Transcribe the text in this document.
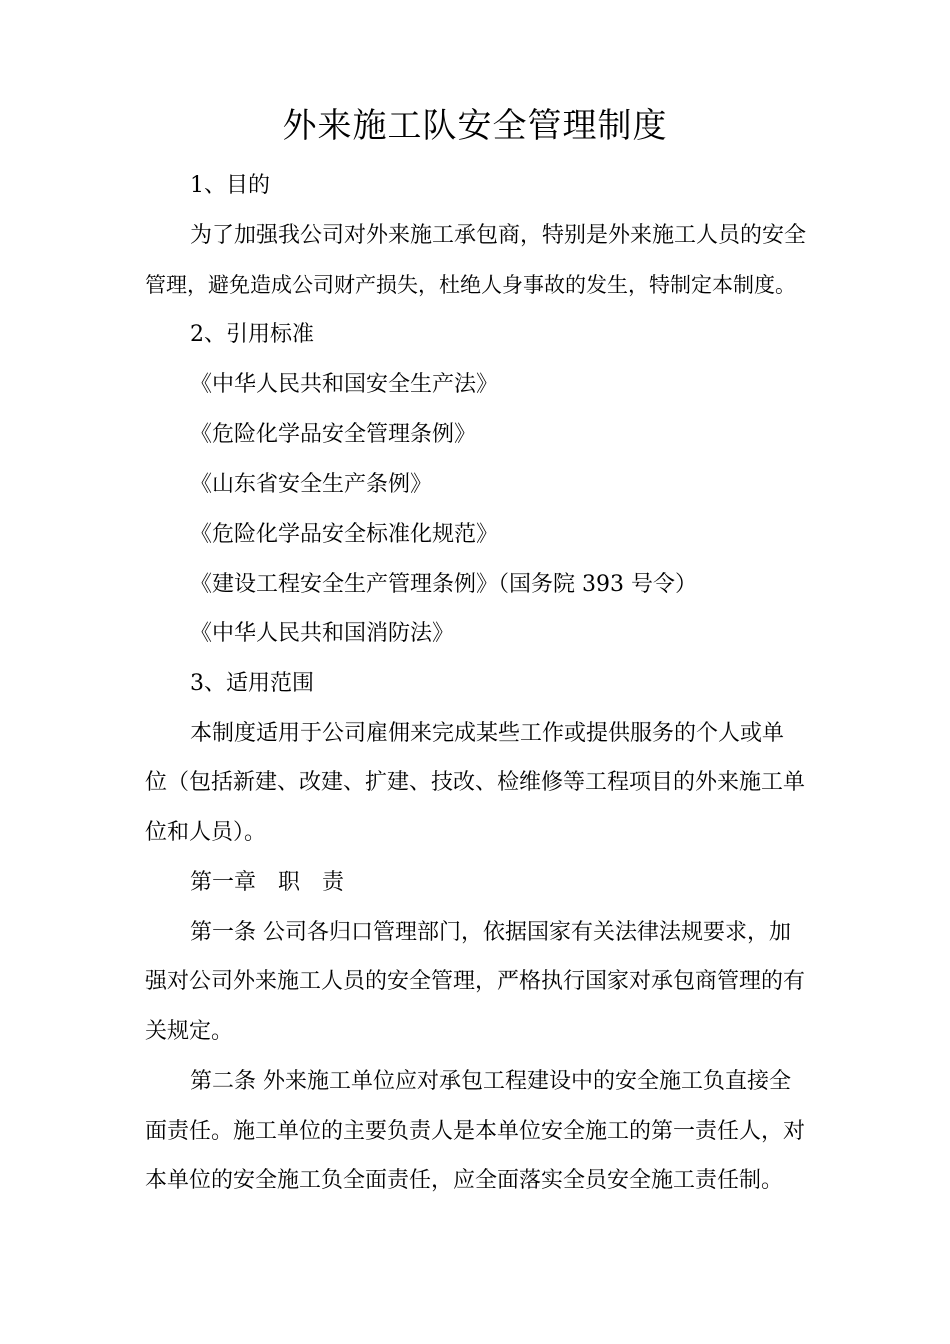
外来施工队安全管理制度

1、目的

为了加强我公司对外来施工承包商，特别是外来施工人员的安全

管理，避免造成公司财产损失，杜绝人身事故的发生，特制定本制度。

2、引用标准

《中华人民共和国安全生产法》

《危险化学品安全管理条例》

《山东省安全生产条例》

《危险化学品安全标准化规范》

《建设工程安全生产管理条例》（国务院 393 号令）

《中华人民共和国消防法》

3、适用范围

本制度适用于公司雇佣来完成某些工作或提供服务的个人或单

位（包括新建、改建、扩建、技改、检维修等工程项目的外来施工单

位和人员）。

第一章　职　责

第一条 公司各归口管理部门，依据国家有关法律法规要求，加

强对公司外来施工人员的安全管理，严格执行国家对承包商管理的有

关规定。

第二条 外来施工单位应对承包工程建设中的安全施工负直接全

面责任。施工单位的主要负责人是本单位安全施工的第一责任人，对

本单位的安全施工负全面责任，应全面落实全员安全施工责任制。
